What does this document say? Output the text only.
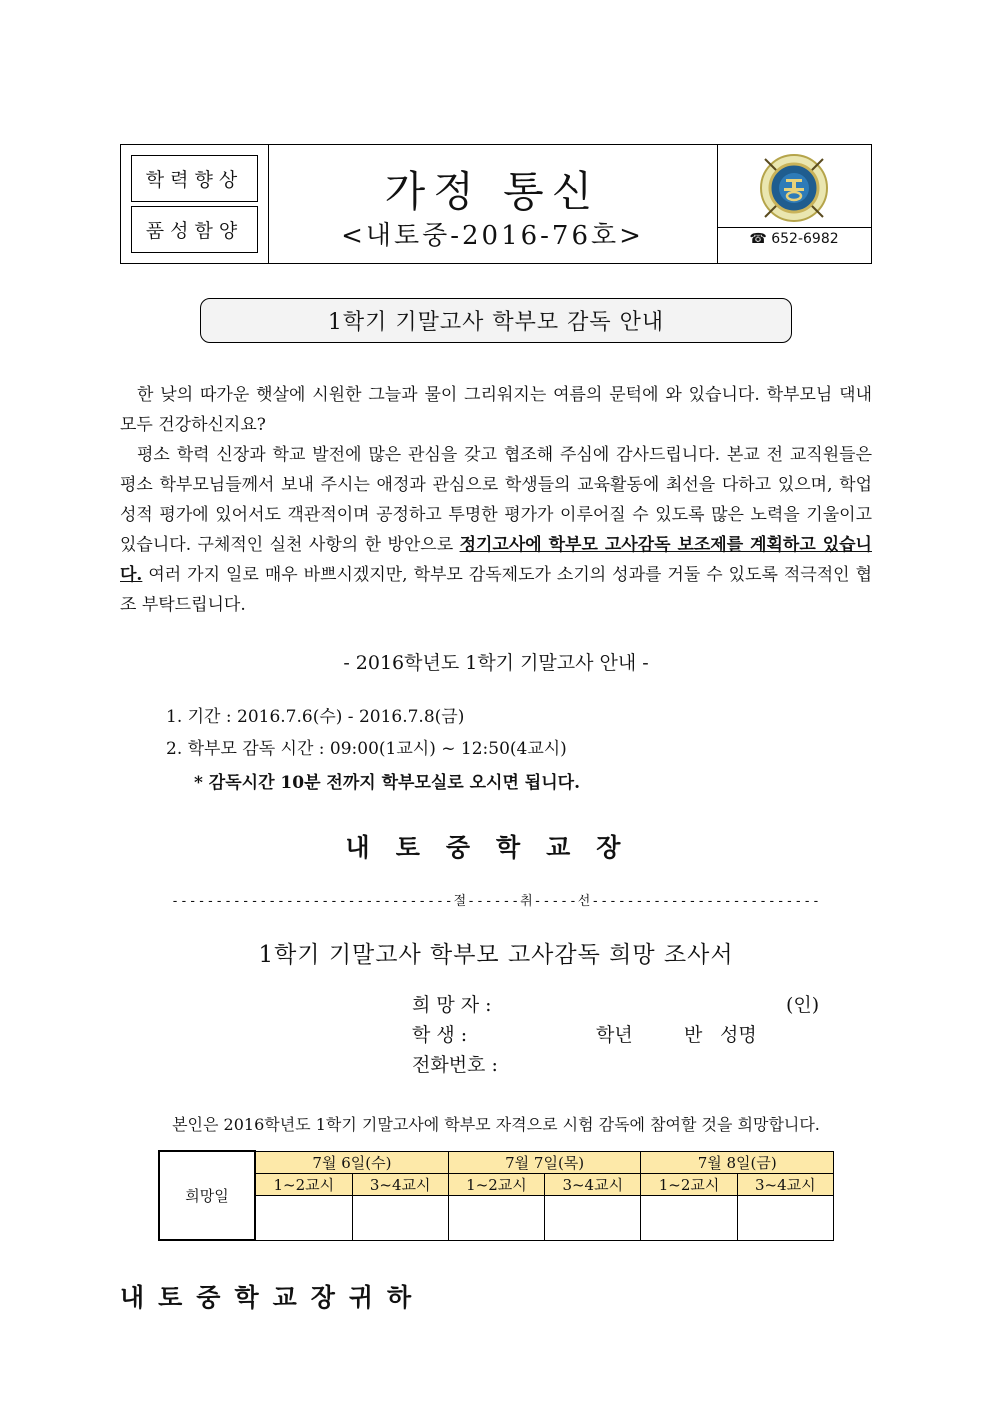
학력향상
품성함양
가정 통신
<내토중-2016-76호>	☎ 652-6982
1학기 기말고사 학부모 감독 안내
한 낮의 따가운 햇살에 시원한 그늘과 물이 그리워지는 여름의 문턱에 와 있습니다. 학부모님 댁내 모두 건강하신지요?
평소 학력 신장과 학교 발전에 많은 관심을 갖고 협조해 주심에 감사드립니다. 본교 전 교직원들은 평소 학부모님들께서 보내 주시는 애정과 관심으로 학생들의 교육활동에 최선을 다하고 있으며, 학업성적 평가에 있어서도 객관적이며 공정하고 투명한 평가가 이루어질 수 있도록 많은 노력을 기울이고 있습니다. 구체적인 실천 사항의 한 방안으로 정기고사에 학부모 고사감독 보조제를 계획하고 있습니다. 여러 가지 일로 매우 바쁘시겠지만, 학부모 감독제도가 소기의 성과를 거둘 수 있도록 적극적인 협조 부탁드립니다.
- 2016학년도 1학기 기말고사 안내 -
1. 기간 : 2016.7.6(수) - 2016.7.8(금)
2. 학부모 감독 시간 : 09:00(1교시) ~ 12:50(4교시)
* 감독시간 10분 전까지 학부모실로 오시면 됩니다.
내토중학교장
--------------------------------절------취-----선--------------------------
1학기 기말고사 학부모 고사감독 희망 조사서
희 망 자 :	(인)
학 생 :	학년	반 성명
전화번호 :
본인은 2016학년도 1학기 기말고사에 학부모 자격으로 시험 감독에 참여할 것을 희망합니다.
희망일	7월 6일(수)		7월 7일(목)		7월 8일(금)	
	1~2교시	3~4교시	1~2교시	3~4교시	1~2교시	3~4교시

내토중학교장귀하
